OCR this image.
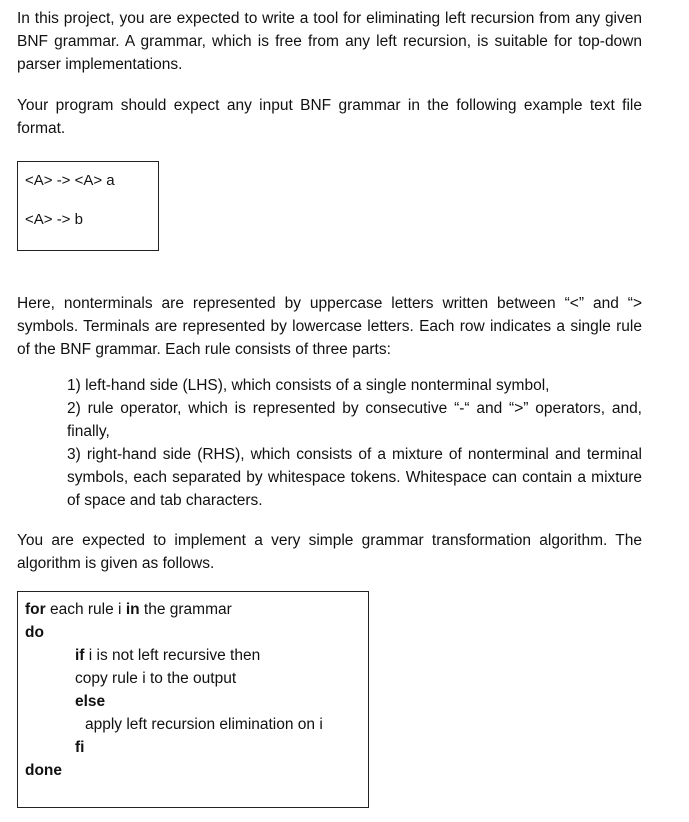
In this project, you are expected to write a tool for eliminating left recursion from any given BNF grammar. A grammar, which is free from any left recursion, is suitable for top-down parser implementations.

Your program should expect any input BNF grammar in the following example text file format.

<A> -> <A> a
<A> -> b

Here, nonterminals are represented by uppercase letters written between “<” and “> symbols. Terminals are represented by lowercase letters. Each row indicates a single rule of the BNF grammar. Each rule consists of three parts:

1) left-hand side (LHS), which consists of a single nonterminal symbol,

2) rule operator, which is represented by consecutive “-“ and “>” operators, and, finally,

3) right-hand side (RHS), which consists of a mixture of nonterminal and terminal symbols, each separated by whitespace tokens. Whitespace can contain a mixture of space and tab characters.

You are expected to implement a very simple grammar transformation algorithm. The algorithm is given as follows.

for each rule i in the grammar
do
if i is not left recursive then
copy rule i to the output
else
apply left recursion elimination on i
fi
done
